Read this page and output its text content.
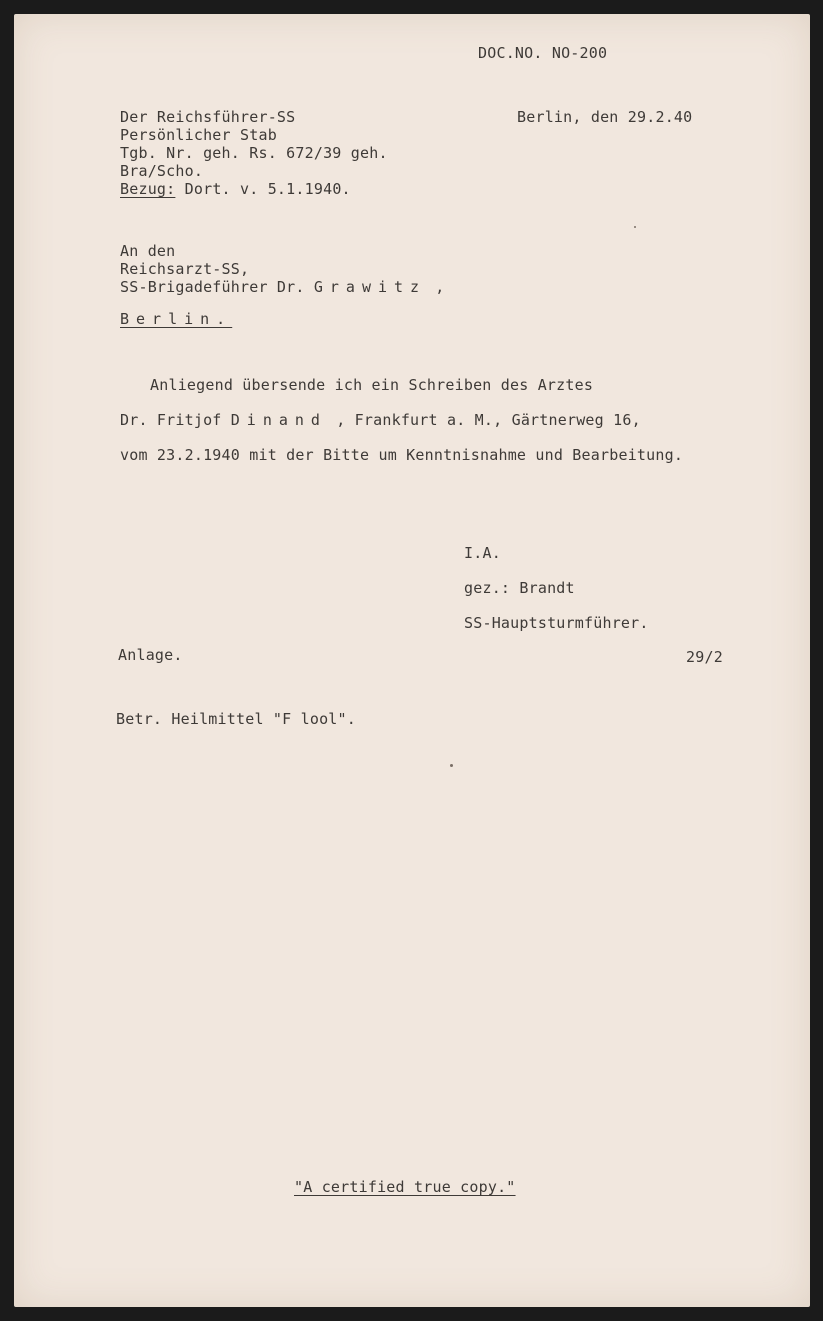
DOC.NO. NO-200
Der Reichsführer-SS
Persönlicher Stab
Tgb. Nr. geh. Rs. 672/39 geh.
Bra/Scho.
Bezug: Dort. v. 5.1.1940.
Berlin, den 29.2.40
An den
Reichsarzt-SS,
SS-Brigadeführer Dr. Grawitz ,
Berlin.
Anliegend übersende ich ein Schreiben des Arztes
Dr. Fritjof Dinand , Frankfurt a. M., Gärtnerweg 16,
vom 23.2.1940 mit der Bitte um Kenntnisnahme und Bearbeitung.
I.A.
gez.: Brandt
SS-Hauptsturmführer.
Anlage.	29/2
Betr. Heilmittel "F lool".
"A certified true copy."
